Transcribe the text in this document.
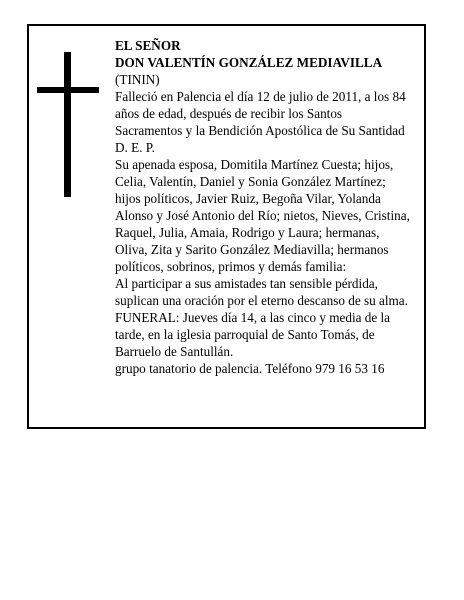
EL SEÑOR
DON VALENTÍN GONZÁLEZ MEDIAVILLA
(TININ)
Falleció en Palencia el día 12 de julio de 2011, a los 84
años de edad, después de recibir los Santos
Sacramentos y la Bendición Apostólica de Su Santidad
D. E. P.
Su apenada esposa, Domitila Martínez Cuesta; hijos,
Celia, Valentín, Daniel y Sonia González Martínez;
hijos políticos, Javier Ruiz, Begoña Vilar, Yolanda
Alonso y José Antonio del Río; nietos, Nieves, Cristina,
Raquel, Julia, Amaia, Rodrigo y Laura; hermanas,
Oliva, Zita y Sarito González Mediavilla; hermanos
políticos, sobrinos, primos y demás familia:
Al participar a sus amistades tan sensible pérdida,
suplican una oración por el eterno descanso de su alma.
FUNERAL: Jueves día 14, a las cinco y media de la
tarde, en la iglesia parroquial de Santo Tomás, de
Barruelo de Santullán.
grupo tanatorio de palencia. Teléfono 979 16 53 16
